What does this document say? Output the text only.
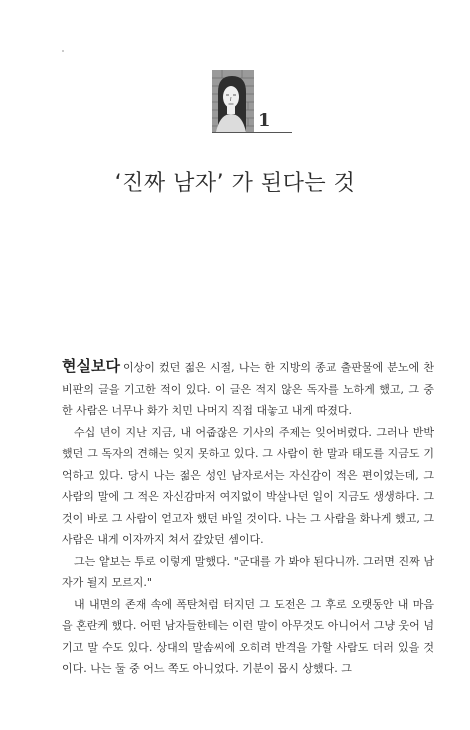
1
‘진짜 남자’ 가 된다는 것

현실보다 이상이 컸던 젊은 시절, 나는 한 지방의 종교 출판물에 분노에 찬 비판의 글을 기고한 적이 있다. 이 글은 적지 않은 독자를 노하게 했고, 그 중 한 사람은 너무나 화가 치민 나머지 직접 대놓고 내게 따졌다.

수십 년이 지난 지금, 내 어줍잖은 기사의 주제는 잊어버렸다. 그러나 반박했던 그 독자의 견해는 잊지 못하고 있다. 그 사람이 한 말과 태도를 지금도 기억하고 있다. 당시 나는 젊은 성인 남자로서는 자신감이 적은 편이었는데, 그 사람의 말에 그 적은 자신감마저 여지없이 박살나던 일이 지금도 생생하다. 그것이 바로 그 사람이 얻고자 했던 바일 것이다. 나는 그 사람을 화나게 했고, 그 사람은 내게 이자까지 쳐서 갚았던 셈이다.

그는 얕보는 투로 이렇게 말했다. "군대를 가 봐야 된다니까. 그러면 진짜 남자가 될지 모르지."

내 내면의 존재 속에 폭탄처럼 터지던 그 도전은 그 후로 오랫동안 내 마음을 혼란케 했다. 어떤 남자들한테는 이런 말이 아무것도 아니어서 그냥 웃어 넘기고 말 수도 있다. 상대의 말솜씨에 오히려 반격을 가할 사람도 더러 있을 것이다. 나는 둘 중 어느 쪽도 아니었다. 기분이 몹시 상했다. 그
